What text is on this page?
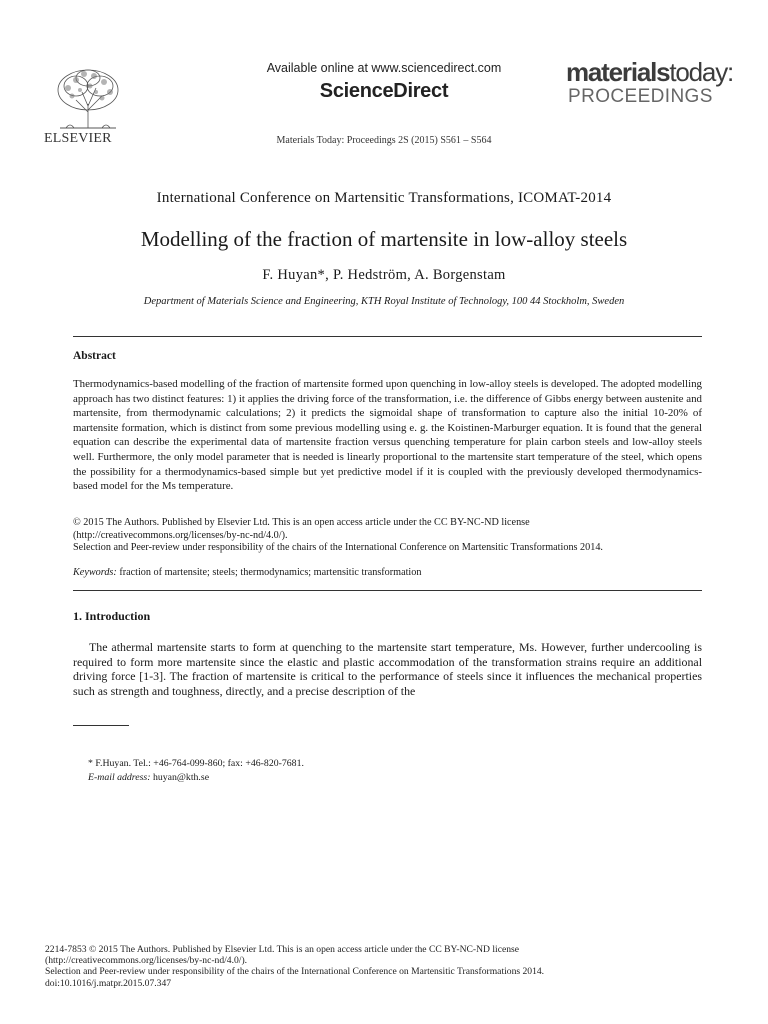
ELSEVIER
Available online at www.sciencedirect.com
ScienceDirect
Materials Today: Proceedings 2S (2015) S561 – S564
materialstoday:
PROCEEDINGS
International Conference on Martensitic Transformations, ICOMAT-2014
Modelling of the fraction of martensite in low-alloy steels
F. Huyan*, P. Hedström, A. Borgenstam
Department of Materials Science and Engineering, KTH Royal Institute of Technology, 100 44 Stockholm, Sweden
Abstract
Thermodynamics-based modelling of the fraction of martensite formed upon quenching in low-alloy steels is developed. The adopted modelling approach has two distinct features: 1) it applies the driving force of the transformation, i.e. the difference of Gibbs energy between austenite and martensite, from thermodynamic calculations; 2) it predicts the sigmoidal shape of transformation to capture also the initial 10-20% of martensite formation, which is distinct from some previous modelling using e. g. the Koistinen-Marburger equation. It is found that the general equation can describe the experimental data of martensite fraction versus quenching temperature for plain carbon steels and low-alloy steels well. Furthermore, the only model parameter that is needed is linearly proportional to the martensite start temperature of the steel, which opens the possibility for a thermodynamics-based simple but yet predictive model if it is coupled with the previously developed thermodynamics-based model for the Ms temperature.
© 2015 The Authors. Published by Elsevier Ltd. This is an open access article under the CC BY-NC-ND license
(http://creativecommons.org/licenses/by-nc-nd/4.0/).
Selection and Peer-review under responsibility of the chairs of the International Conference on Martensitic Transformations 2014.
Keywords: fraction of martensite; steels; thermodynamics; martensitic transformation
1. Introduction
The athermal martensite starts to form at quenching to the martensite start temperature, Ms. However, further undercooling is required to form more martensite since the elastic and plastic accommodation of the transformation strains require an additional driving force [1-3]. The fraction of martensite is critical to the performance of steels since it influences the mechanical properties such as strength and toughness, directly, and a precise description of the
* F.Huyan. Tel.: +46-764-099-860; fax: +46-820-7681.
E-mail address: huyan@kth.se
2214-7853 © 2015 The Authors. Published by Elsevier Ltd. This is an open access article under the CC BY-NC-ND license
(http://creativecommons.org/licenses/by-nc-nd/4.0/).
Selection and Peer-review under responsibility of the chairs of the International Conference on Martensitic Transformations 2014.
doi:10.1016/j.matpr.2015.07.347
